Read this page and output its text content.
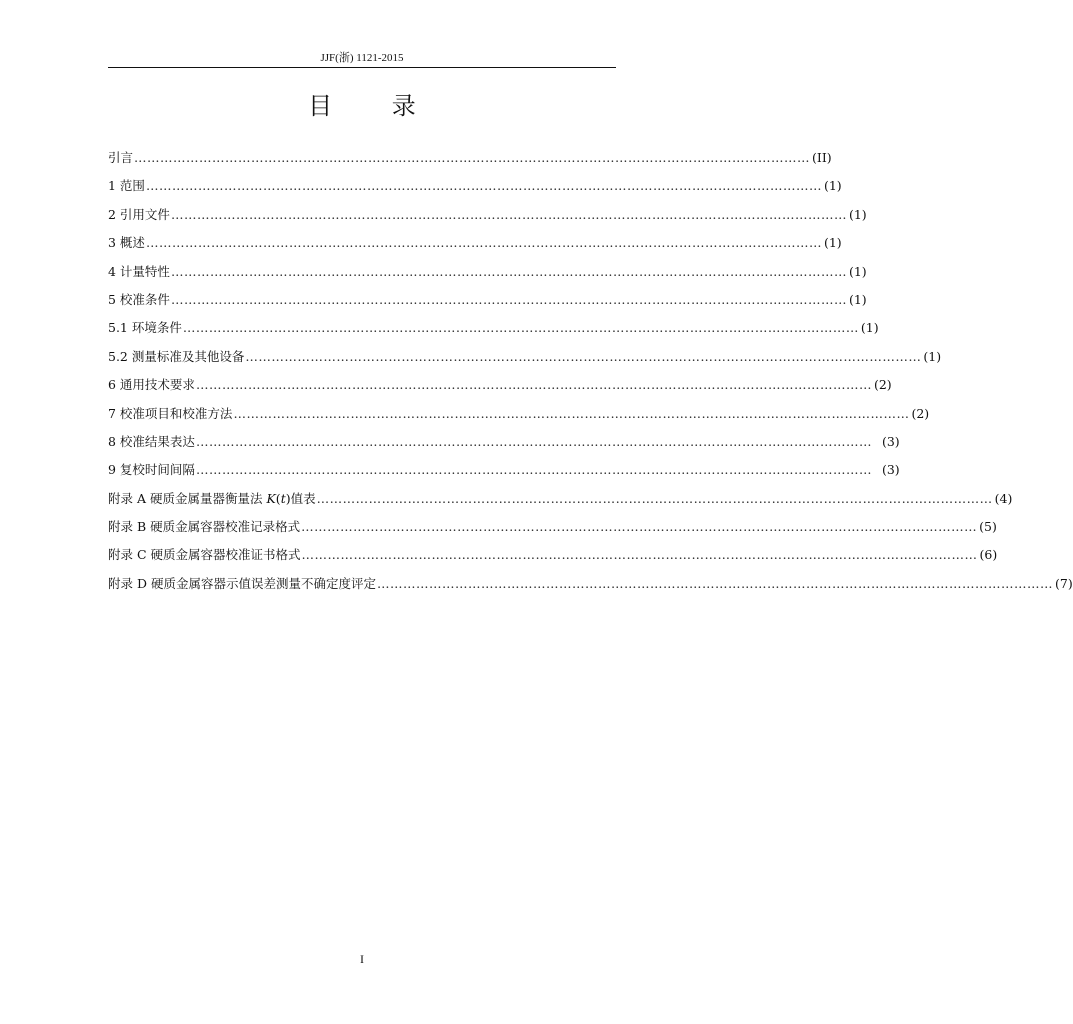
JJF(浙) 1121-2015
目 录
引言 ………………………………………………………………………………………………………………………………………… (II)
1 范围 ………………………………………………………………………………………………………………………………………… (1)
2 引用文件 ………………………………………………………………………………………………………………………………………… (1)
3 概述 ………………………………………………………………………………………………………………………………………… (1)
4 计量特性 ………………………………………………………………………………………………………………………………………… (1)
5 校准条件 ………………………………………………………………………………………………………………………………………… (1)
5.1 环境条件 ………………………………………………………………………………………………………………………………………… (1)
5.2 测量标准及其他设备 ………………………………………………………………………………………………………………………………………… (1)
6 通用技术要求 ………………………………………………………………………………………………………………………………………… (2)
7 校准项目和校准方法 ………………………………………………………………………………………………………………………………………… (2)
8 校准结果表达 ………………………………………………………………………………………………………………………………………… (3)
9 复校时间间隔 ………………………………………………………………………………………………………………………………………… (3)
附录 A 硬质金属量器衡量法 K(t)值表 ………………………………………………………………………………………………………………………………………… (4)
附录 B 硬质金属容器校准记录格式 ………………………………………………………………………………………………………………………………………… (5)
附录 C 硬质金属容器校准证书格式 ………………………………………………………………………………………………………………………………………… (6)
附录 D 硬质金属容器示值误差测量不确定度评定 ………………………………………………………………………………………………………………………………………… (7)
I
